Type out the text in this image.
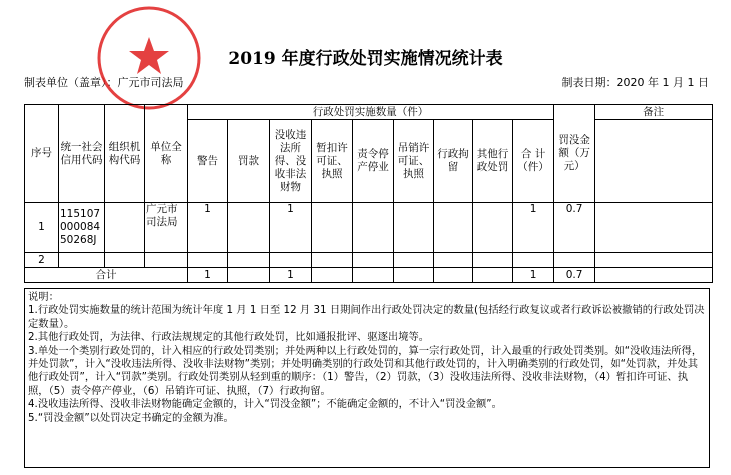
2019 年度行政处罚实施情况统计表
制表单位（盖章）：广元市司法局	制表日期：2020 年 1 月 1 日
序号	统一社会信用代码	组织机构代码	单位全称	行政处罚实施数量（件）									罚没金额（万元）	备注
				警告	罚款	没收违法所得、没收非法财物	暂扣许可证、执照	责令停产停业	吊销许可证、执照	行政拘留	其他行政处罚	合 计（件）		
1	11510700008450268J		广元市司法局	1		1						1	0.7	
2														
合计				1		1						1	0.7	

说明：

1.行政处罚实施数量的统计范围为统计年度 1 月 1 日至 12 月 31 日期间作出行政处罚决定的数量(包括经行政复议或者行政诉讼被撤销的行政处罚决定数量）。

2.其他行政处罚，为法律、行政法规规定的其他行政处罚，比如通报批评、驱逐出境等。

3.单处一个类别行政处罚的，计入相应的行政处罚类别；并处两种以上行政处罚的，算一宗行政处罚，计入最重的行政处罚类别。如“没收违法所得，并处罚款”，计入“没收违法所得、没收非法财物”类别；并处明确类别的行政处罚和其他行政处罚的，计入明确类别的行政处罚，如“处罚款，并处其他行政处罚”，计入“罚款”类别。行政处罚类别从轻到重的顺序：（1）警告，（2）罚款，（3）没收违法所得、没收非法财物，（4）暂扣许可证、执照，（5）责令停产停业，（6）吊销许可证、执照，（7）行政拘留。

4.没收违法所得、没收非法财物能确定金额的，计入“罚没金额”；不能确定金额的，不计入“罚没金额”。

5.“罚没金额”以处罚决定书确定的金额为准。
